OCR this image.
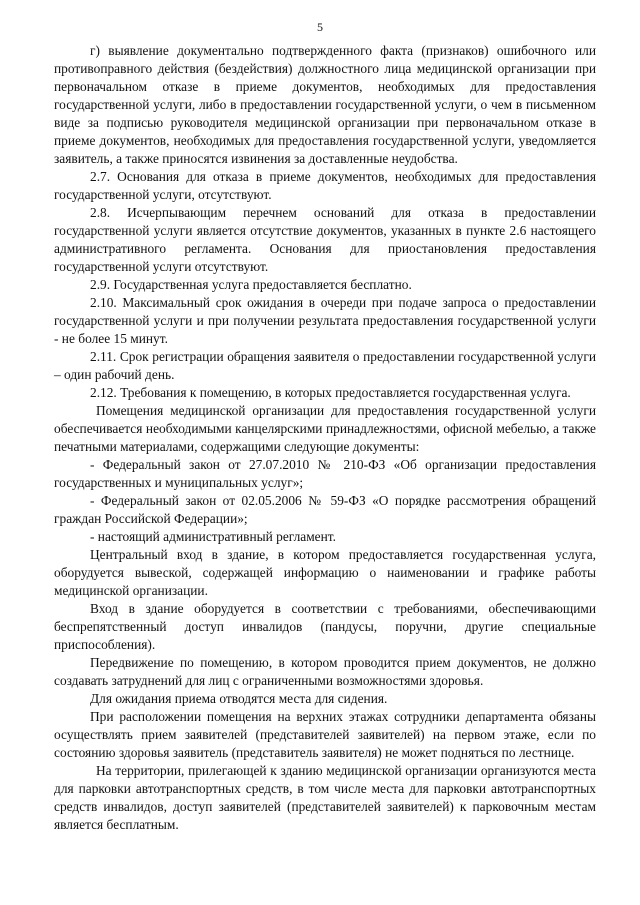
5

г) выявление документально подтвержденного факта (признаков) ошибочного или противоправного действия (бездействия) должностного лица медицинской организации при первоначальном отказе в приеме документов, необходимых для предоставления государственной услуги, либо в предоставлении государственной услуги, о чем в письменном виде за подписью руководителя медицинской организации при первоначальном отказе в приеме документов, необходимых для предоставления государственной услуги, уведомляется заявитель, а также приносятся извинения за доставленные неудобства.

2.7. Основания для отказа в приеме документов, необходимых для предоставления государственной услуги, отсутствуют.

2.8. Исчерпывающим перечнем оснований для отказа в предоставлении государственной услуги является отсутствие документов, указанных в пункте 2.6 настоящего административного регламента. Основания для приостановления предоставления государственной услуги отсутствуют.

2.9. Государственная услуга предоставляется бесплатно.

2.10. Максимальный срок ожидания в очереди при подаче запроса о предоставлении государственной услуги и при получении результата предоставления государственной услуги - не более 15 минут.

2.11. Срок регистрации обращения заявителя о предоставлении государственной услуги – один рабочий день.

2.12. Требования к помещению, в которых предоставляется государственная услуга.

Помещения медицинской организации для предоставления государственной услуги обеспечивается необходимыми канцелярскими принадлежностями, офисной мебелью, а также печатными материалами, содержащими следующие документы:

- Федеральный закон от 27.07.2010 № 210-ФЗ «Об организации предоставления государственных и муниципальных услуг»;

- Федеральный закон от 02.05.2006 № 59-ФЗ «О порядке рассмотрения обращений граждан Российской Федерации»;

- настоящий административный регламент.

Центральный вход в здание, в котором предоставляется государственная услуга, оборудуется вывеской, содержащей информацию о наименовании и графике работы медицинской организации.

Вход в здание оборудуется в соответствии с требованиями, обеспечивающими беспрепятственный доступ инвалидов (пандусы, поручни, другие специальные приспособления).

Передвижение по помещению, в котором проводится прием документов, не должно создавать затруднений для лиц с ограниченными возможностями здоровья.

Для ожидания приема отводятся места для сидения.

При расположении помещения на верхних этажах сотрудники департамента обязаны осуществлять прием заявителей (представителей заявителей) на первом этаже, если по состоянию здоровья заявитель (представитель заявителя) не может подняться по лестнице.

На территории, прилегающей к зданию медицинской организации организуются места для парковки автотранспортных средств, в том числе места для парковки автотранспортных средств инвалидов, доступ заявителей (представителей заявителей) к парковочным местам является бесплатным.
